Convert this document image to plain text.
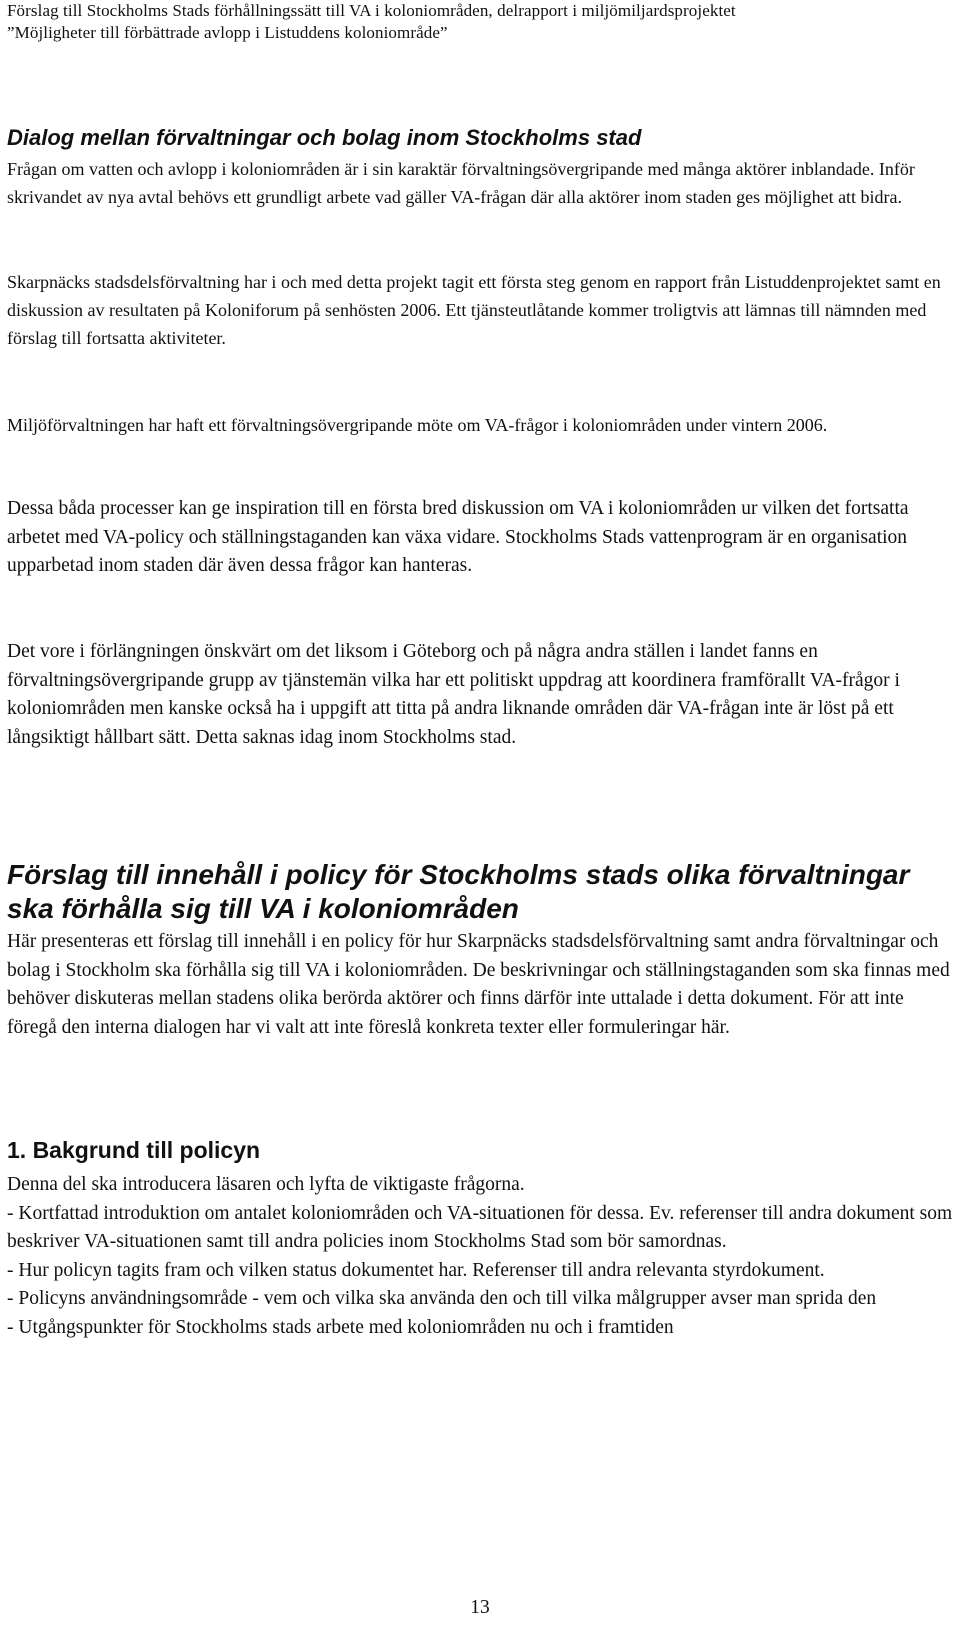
Förslag till Stockholms Stads förhållningssätt till VA i koloniområden, delrapport i miljömiljardsprojektet
”Möjligheter till förbättrade avlopp i Listuddens koloniområde”
Dialog mellan förvaltningar och bolag inom Stockholms stad

Frågan om vatten och avlopp i koloniområden är i sin karaktär förvaltningsövergripande med många aktörer inblandade. Inför skrivandet av nya avtal behövs ett grundligt arbete vad gäller VA-frågan där alla aktörer inom staden ges möjlighet att bidra.

Skarpnäcks stadsdelsförvaltning har i och med detta projekt tagit ett första steg genom en rapport från Listuddenprojektet samt en diskussion av resultaten på Koloniforum på senhösten 2006. Ett tjänsteutlåtande kommer troligtvis att lämnas till nämnden med förslag till fortsatta aktiviteter.

Miljöförvaltningen har haft ett förvaltningsövergripande möte om VA-frågor i koloniområden under vintern 2006.

Dessa båda processer kan ge inspiration till en första bred diskussion om VA i koloniområden ur vilken det fortsatta arbetet med VA-policy och ställningstaganden kan växa vidare. Stockholms Stads vattenprogram är en organisation upparbetad inom staden där även dessa frågor kan hanteras.

Det vore i förlängningen önskvärt om det liksom i Göteborg och på några andra ställen i landet fanns en förvaltningsövergripande grupp av tjänstemän vilka har ett politiskt uppdrag att koordinera framförallt VA-frågor i koloniområden men kanske också ha i uppgift att titta på andra liknande områden där VA-frågan inte är löst på ett långsiktigt hållbart sätt. Detta saknas idag inom Stockholms stad.

Förslag till innehåll i policy för Stockholms stads olika förvaltningar ska förhålla sig till VA i koloniområden

Här presenteras ett förslag till innehåll i en policy för hur Skarpnäcks stadsdelsförvaltning samt andra förvaltningar och bolag i Stockholm ska förhålla sig till VA i koloniområden. De beskrivningar och ställningstaganden som ska finnas med behöver diskuteras mellan stadens olika berörda aktörer och finns därför inte uttalade i detta dokument. För att inte föregå den interna dialogen har vi valt att inte föreslå konkreta texter eller formuleringar här.

1. Bakgrund till policyn
Denna del ska introducera läsaren och lyfta de viktigaste frågorna.
- Kortfattad introduktion om antalet koloniområden och VA-situationen för dessa. Ev. referenser till andra dokument som beskriver VA-situationen samt till andra policies inom Stockholms Stad som bör samordnas.
- Hur policyn tagits fram och vilken status dokumentet har. Referenser till andra relevanta styrdokument.
- Policyns användningsområde - vem och vilka ska använda den och till vilka målgrupper avser man sprida den
- Utgångspunkter för Stockholms stads arbete med koloniområden nu och i framtiden
13
